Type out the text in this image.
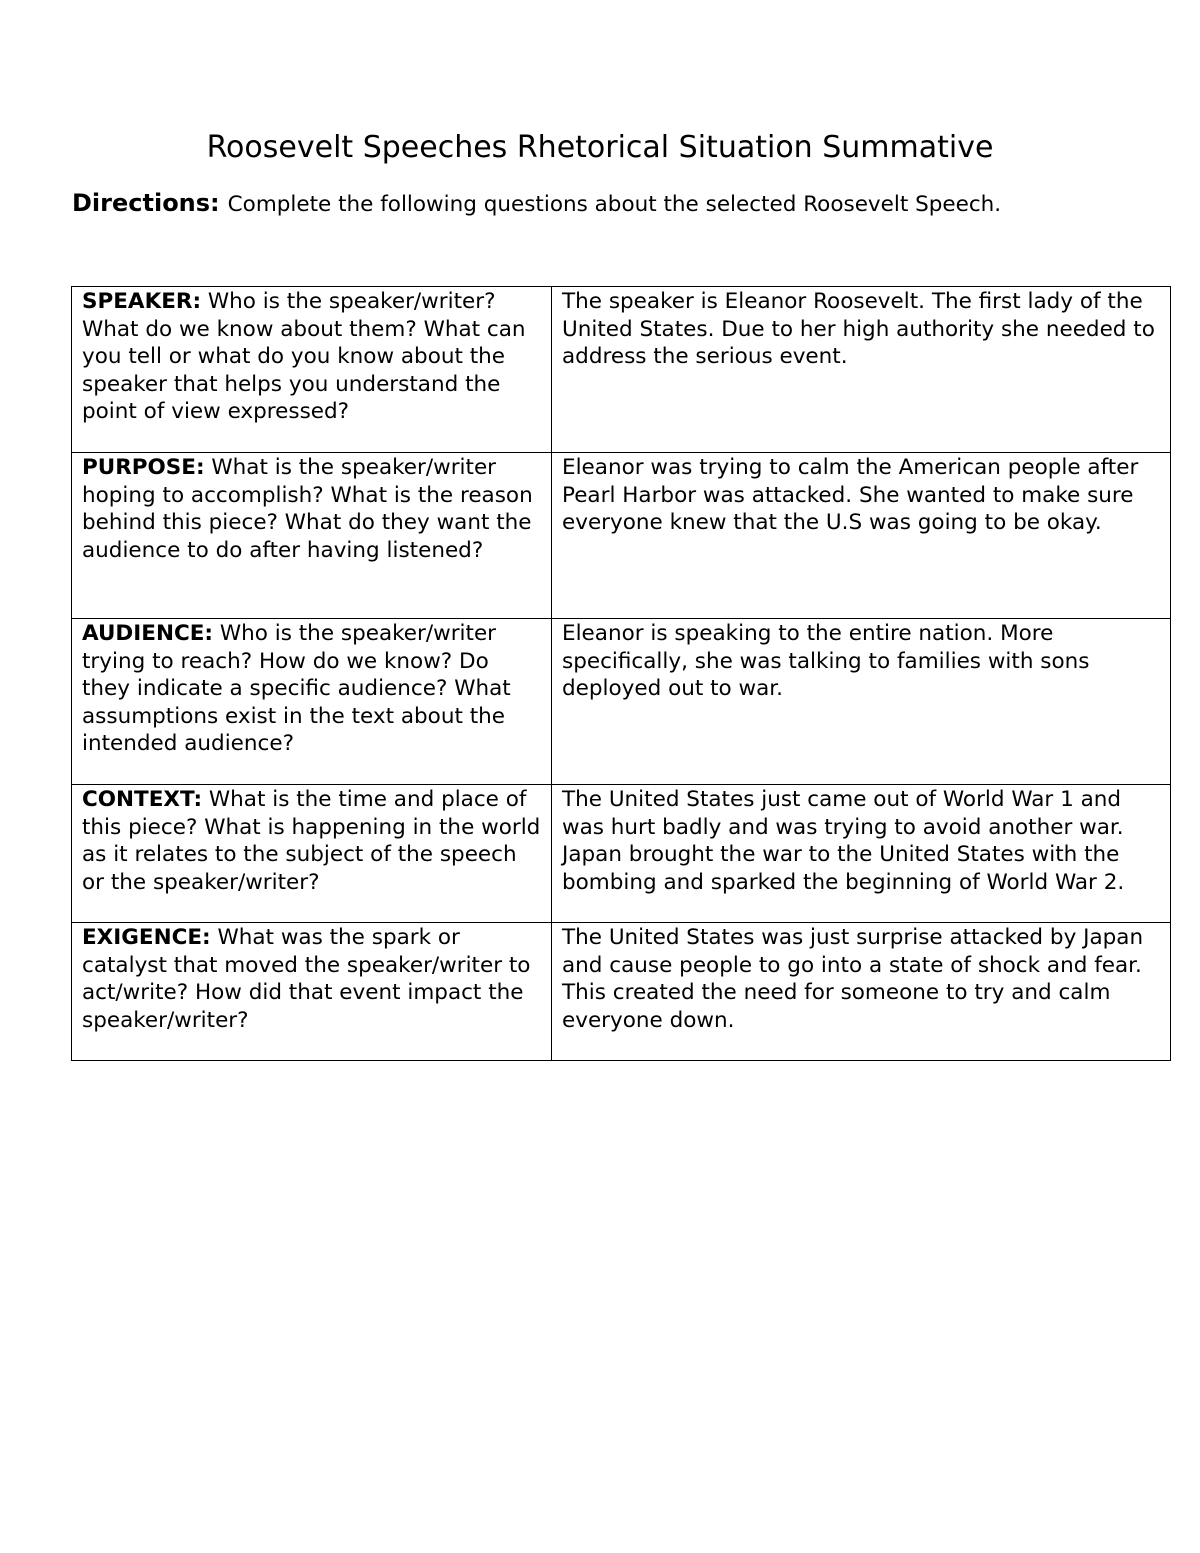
Roosevelt Speeches Rhetorical Situation Summative

Directions: Complete the following questions about the selected Roosevelt Speech.

SPEAKER: Who is the speaker/writer? What do we know about them? What can you tell or what do you know about the speaker that helps you understand the point of view expressed?	The speaker is Eleanor Roosevelt. The first lady of the United States. Due to her high authority she needed to address the serious event.
PURPOSE: What is the speaker/writer hoping to accomplish? What is the reason behind this piece? What do they want the audience to do after having listened?	Eleanor was trying to calm the American people after Pearl Harbor was attacked. She wanted to make sure everyone knew that the U.S was going to be okay.
AUDIENCE: Who is the speaker/writer trying to reach? How do we know? Do they indicate a specific audience? What assumptions exist in the text about the intended audience?	Eleanor is speaking to the entire nation. More specifically, she was talking to families with sons deployed out to war.
CONTEXT: What is the time and place of this piece? What is happening in the world as it relates to the subject of the speech or the speaker/writer?	The United States just came out of World War 1 and was hurt badly and was trying to avoid another war. Japan brought the war to the United States with the bombing and sparked the beginning of World War 2.
EXIGENCE: What was the spark or catalyst that moved the speaker/writer to act/write? How did that event impact the speaker/writer?	The United States was just surprise attacked by Japan and cause people to go into a state of shock and fear. This created the need for someone to try and calm everyone down.
